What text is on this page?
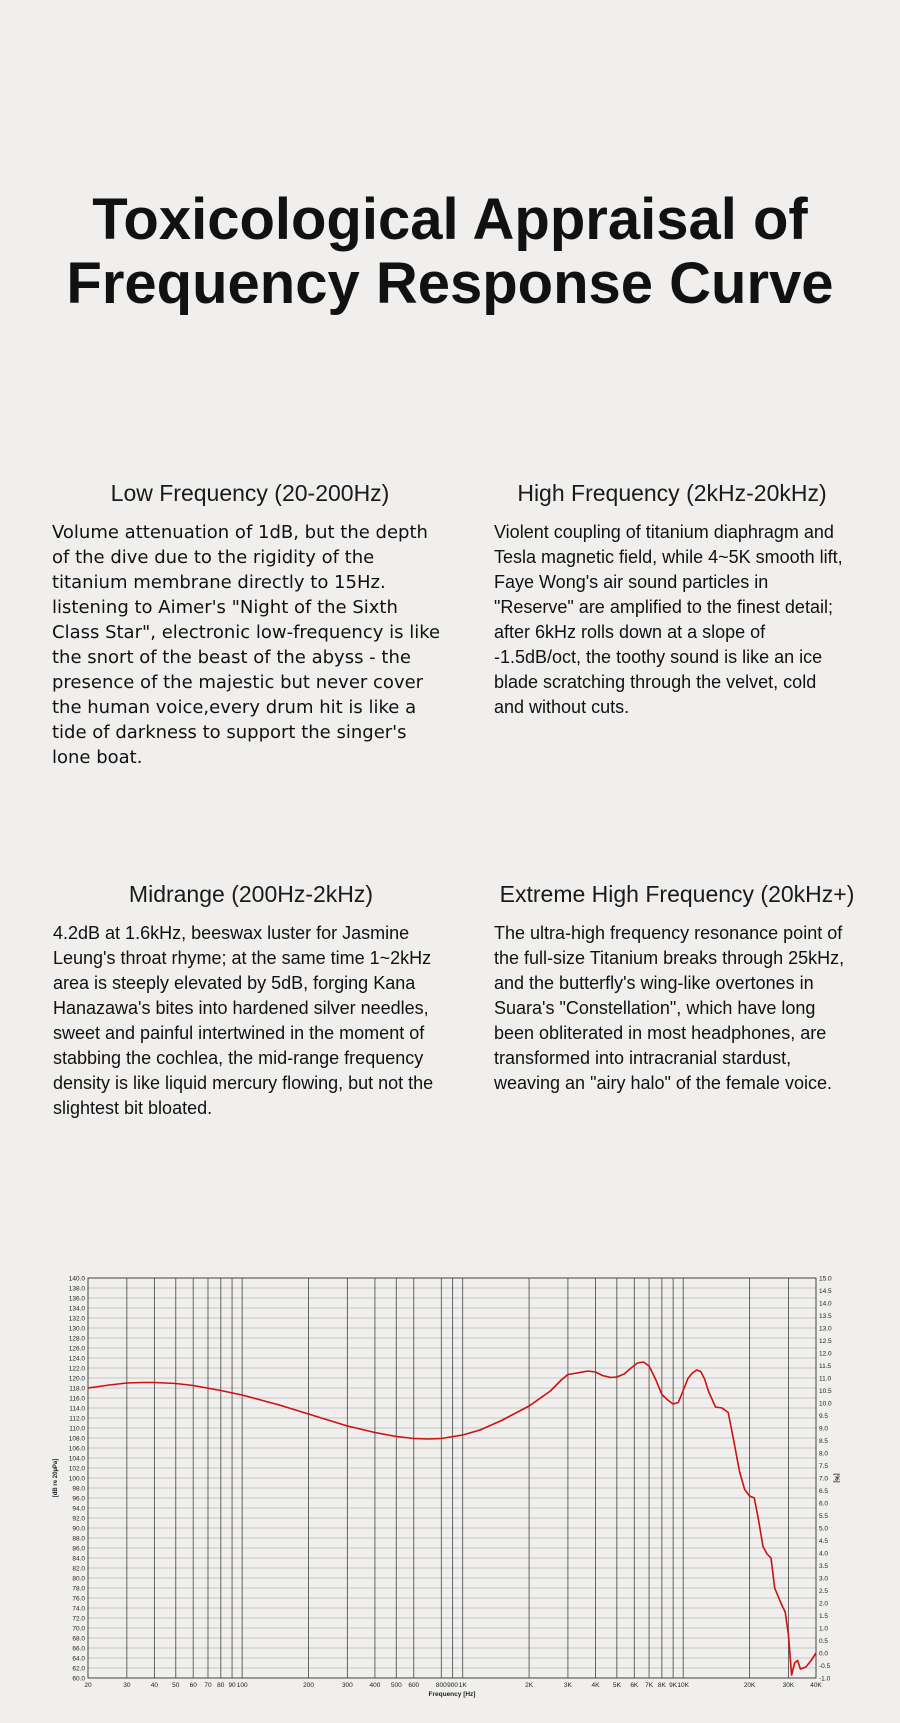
Toxicological Appraisal of
Frequency Response Curve
Low Frequency (20-200Hz)

Volume attenuation of 1dB, but the depth of the dive due to the rigidity of the titanium membrane directly to 15Hz. listening to Aimer's "Night of the Sixth Class Star", electronic low-frequency is like the snort of the beast of the abyss - the presence of the majestic but never cover the human voice,every drum hit is like a tide of darkness to support the singer's lone boat.

High Frequency (2kHz-20kHz)

Violent coupling of titanium diaphragm and Tesla magnetic field, while 4~5K smooth lift, Faye Wong's air sound particles in "Reserve" are amplified to the finest detail; after 6kHz rolls down at a slope of -1.5dB/oct, the toothy sound is like an ice blade scratching through the velvet, cold and without cuts.

Midrange (200Hz-2kHz)

4.2dB at 1.6kHz, beeswax luster for Jasmine Leung's throat rhyme; at the same time 1~2kHz area is steeply elevated by 5dB, forging Kana Hanazawa's bites into hardened silver needles, sweet and painful intertwined in the moment of stabbing the cochlea, the mid-range frequency density is like liquid mercury flowing, but not the slightest bit bloated.

Extreme High Frequency (20kHz+)

The ultra-high frequency resonance point of the full-size Titanium breaks through 25kHz, and the butterfly's wing-like overtones in Suara's "Constellation", which have long been obliterated in most headphones, are transformed into intracranial stardust, weaving an "airy halo" of the female voice.

60.0
62.0
64.0
66.0
68.0
70.0
72.0
74.0
76.0
78.0
80.0
82.0
84.0
86.0
88.0
90.0
92.0
94.0
96.0
98.0
100.0
102.0
104.0
106.0
108.0
110.0
112.0
114.0
116.0
118.0
120.0
122.0
124.0
126.0
128.0
130.0
132.0
134.0
136.0
138.0
140.0
-1.0
-0.5
0.0
0.5
1.0
1.5
2.0
2.5
3.0
3.5
4.0
4.5
5.0
5.5
6.0
6.5
7.0
7.5
8.0
8.5
9.0
9.5
10.0
10.5
11.0
11.5
12.0
12.5
13.0
13.5
14.0
14.5
15.0
20	30	40 50 60 70 80 90 100	200	300	400 500 600	800 900 1K	2K	3K	4K 5K 6K 7K 8K 9K 10K	20K	30K 40K
Frequency [Hz]
[dB re 20µPa]	[%]
